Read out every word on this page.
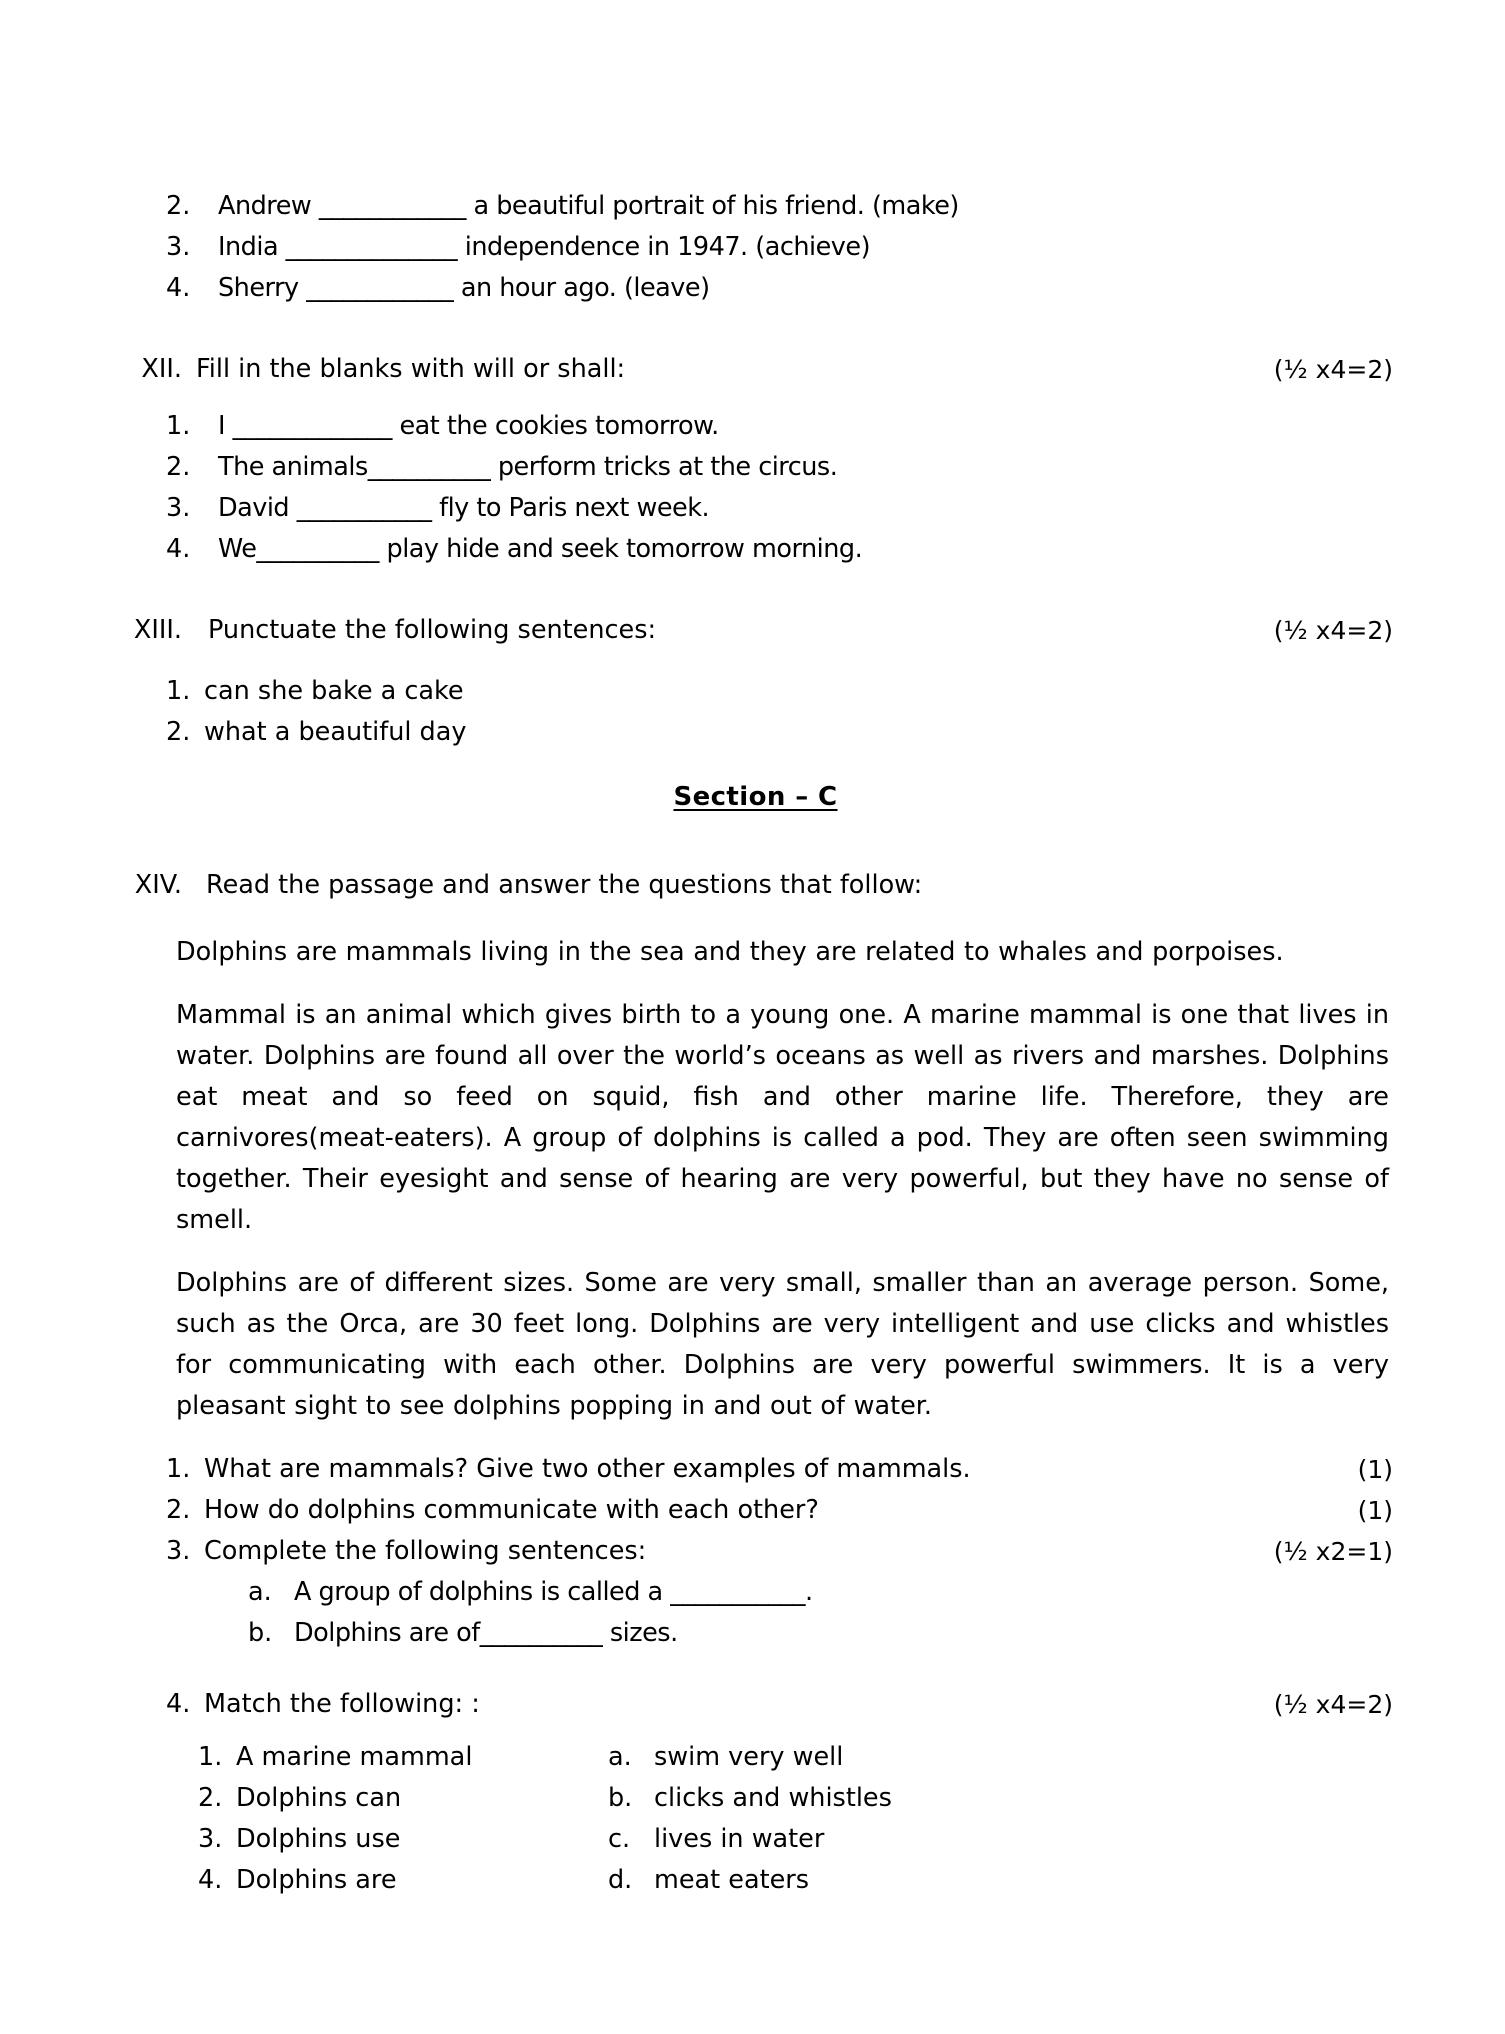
2.	Andrew ____________ a beautiful portrait of his friend. (make)
3.	India ______________ independence in 1947. (achieve)
4.	Sherry ____________ an hour ago. (leave)
XII. Fill in the blanks with will or shall:	(½ x4=2)
1.	I _____________ eat the cookies tomorrow.
2.	The animals__________ perform tricks at the circus.
3.	David ___________ fly to Paris next week.
4.	We__________ play hide and seek tomorrow morning.
XIII.	Punctuate the following sentences:	(½ x4=2)
1. can she bake a cake
2. what a beautiful day
Section – C
XIV. Read the passage and answer the questions that follow:

Dolphins are mammals living in the sea and they are related to whales and porpoises.

Mammal is an animal which gives birth to a young one. A marine mammal is one that lives in water. Dolphins are found all over the world’s oceans as well as rivers and marshes. Dolphins eat meat and so feed on squid, fish and other marine life. Therefore, they are carnivores(meat-eaters). A group of dolphins is called a pod. They are often seen swimming together. Their eyesight and sense of hearing are very powerful, but they have no sense of smell.

Dolphins are of different sizes. Some are very small, smaller than an average person. Some, such as the Orca, are 30 feet long. Dolphins are very intelligent and use clicks and whistles for communicating with each other. Dolphins are very powerful swimmers. It is a very pleasant sight to see dolphins popping in and out of water.

1. What are mammals? Give two other examples of mammals.	(1)
2. How do dolphins communicate with each other?	(1)
3. Complete the following sentences:	(½ x2=1)
a. A group of dolphins is called a ___________.
b. Dolphins are of__________ sizes.
4. Match the following: :	(½ x4=2)
1. A marine mammal	a. swim very well
2. Dolphins can	b. clicks and whistles
3. Dolphins use	c. lives in water
4. Dolphins are	d. meat eaters
